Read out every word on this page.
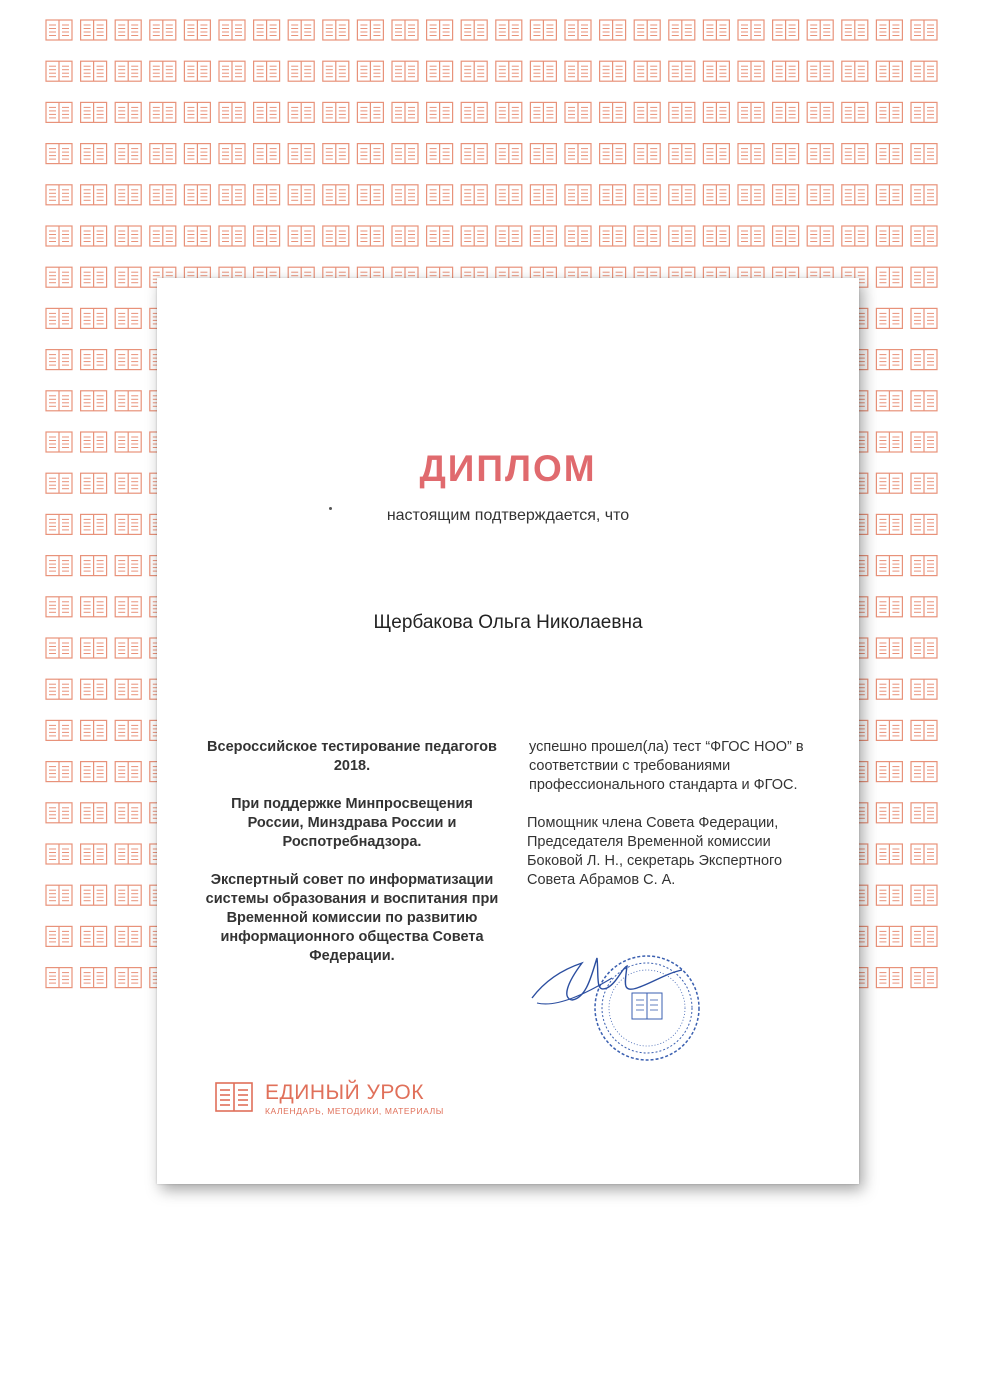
ДИПЛОМ
настоящим подтверждается, что
Щербакова Ольга Николаевна

Всероссийское тестирование педагогов 2018.

При поддержке Минпросвещения России, Минздрава России и Роспотребнадзора.

Экспертный совет по информатизации системы образования и воспитания при Временной комиссии по развитию информационного общества Совета Федерации.

успешно прошел(ла) тест “ФГОС НОО” в соответствии с требованиями профессионального стандарта и ФГОС.

Помощник члена Совета Федерации, Председателя Временной комиссии Боковой Л. Н., секретарь Экспертного Совета Абрамов С. А.

ЕДИНЫЙ УРОК
КАЛЕНДАРЬ, МЕТОДИКИ, МАТЕРИАЛЫ
